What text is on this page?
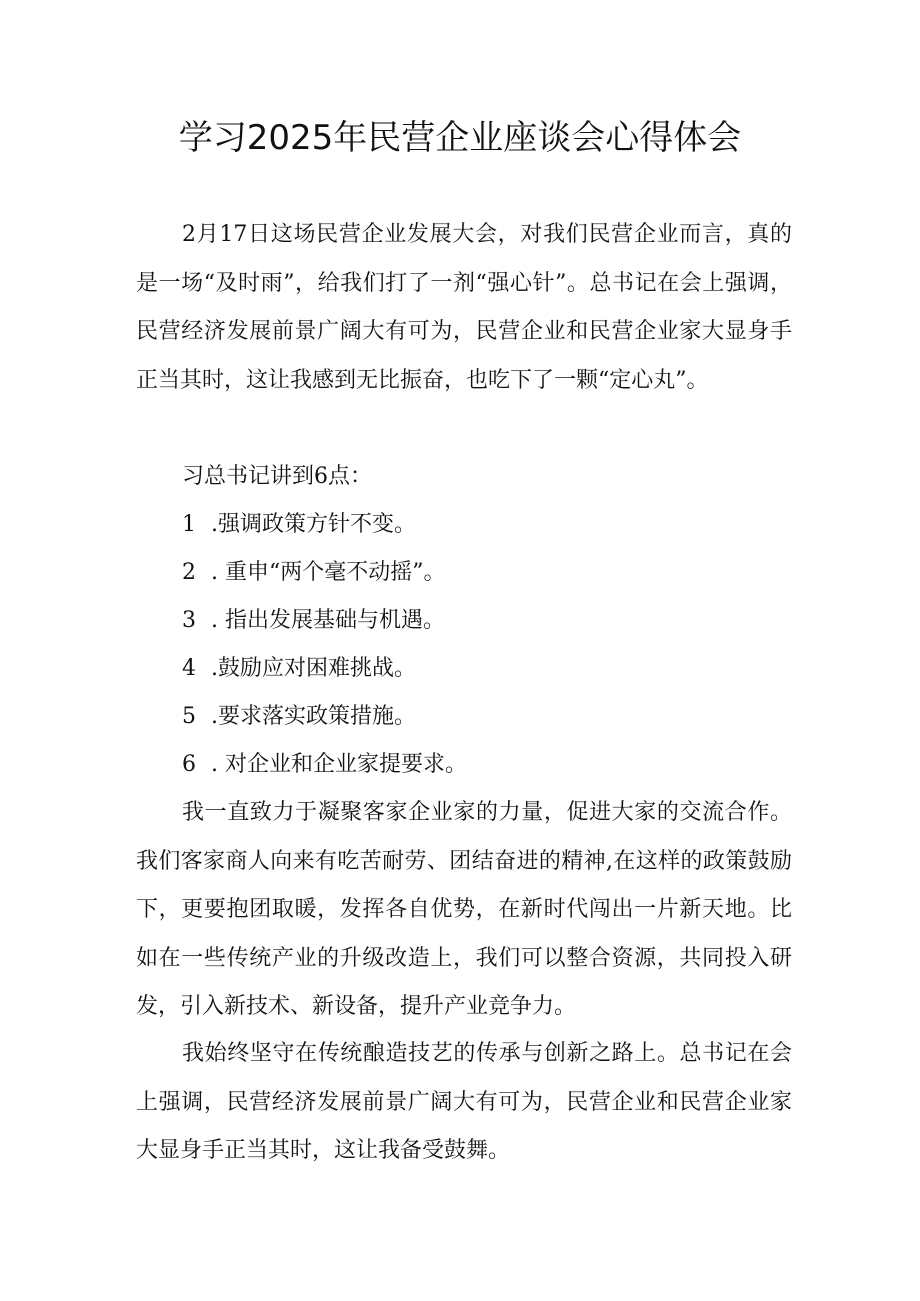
学习2025年民营企业座谈会心得体会

2月17日这场民营企业发展大会，对我们民营企业而言，真的是一场“及时雨”，给我们打了一剂“强心针”。总书记在会上强调，民营经济发展前景广阔大有可为，民营企业和民营企业家大显身手正当其时，这让我感到无比振奋，也吃下了一颗“定心丸”。

习总书记讲到6点：

1 .强调政策方针不变。

2 . 重申“两个毫不动摇”。

3 . 指出发展基础与机遇。

4 .鼓励应对困难挑战。

5 .要求落实政策措施。

6 . 对企业和企业家提要求。

我一直致力于凝聚客家企业家的力量，促进大家的交流合作。我们客家商人向来有吃苦耐劳、团结奋进的精神,在这样的政策鼓励下，更要抱团取暖，发挥各自优势，在新时代闯出一片新天地。比如在一些传统产业的升级改造上，我们可以整合资源，共同投入研发，引入新技术、新设备，提升产业竞争力。

我始终坚守在传统酿造技艺的传承与创新之路上。总书记在会上强调，民营经济发展前景广阔大有可为，民营企业和民营企业家大显身手正当其时，这让我备受鼓舞。
